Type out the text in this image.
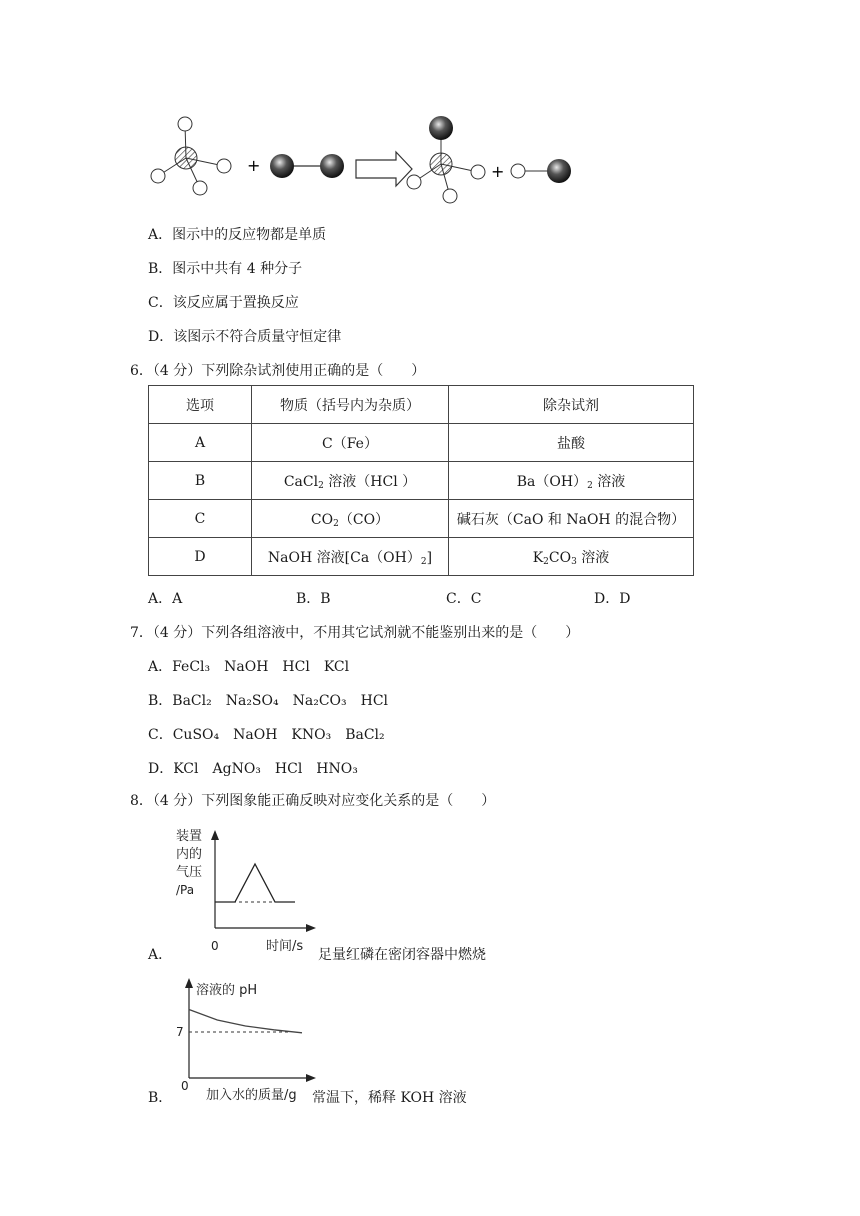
+	+
A．图示中的反应物都是单质
B．图示中共有 4 种分子
C．该反应属于置换反应
D．该图示不符合质量守恒定律
6．（4 分）下列除杂试剂使用正确的是（　　）
选项	物质（括号内为杂质）	除杂试剂
A	C（Fe）	盐酸
B	CaCl$_2$ 溶液（HCl ）	$Ba(OH)_2$ 溶液
C	$CO_2(CO)$	碱石灰（CaO 和 NaOH 的混合物）
D	NaOH 溶液$[Ca(OH)_2]$	$K_2CO_3$ 溶液
A．A	B．B	C．C	D．D
7．（4 分）下列各组溶液中，不用其它试剂就不能鉴别出来的是（　　）
A．FeCl₃　NaOH　HCl　KCl
B．BaCl₂　Na₂SO₄　Na₂CO₃　HCl
C．CuSO₄　NaOH　KNO₃　BaCl₂
D．KCl　AgNO₃　HCl　HNO₃
8．（4 分）下列图象能正确反映对应变化关系的是（　　）
装置
内的
气压
/Pa
0	时间/s
A．	足量红磷在密闭容器中燃烧
溶液的 pH
7
0
加入水的质量/g
B．	常温下，稀释 KOH 溶液
